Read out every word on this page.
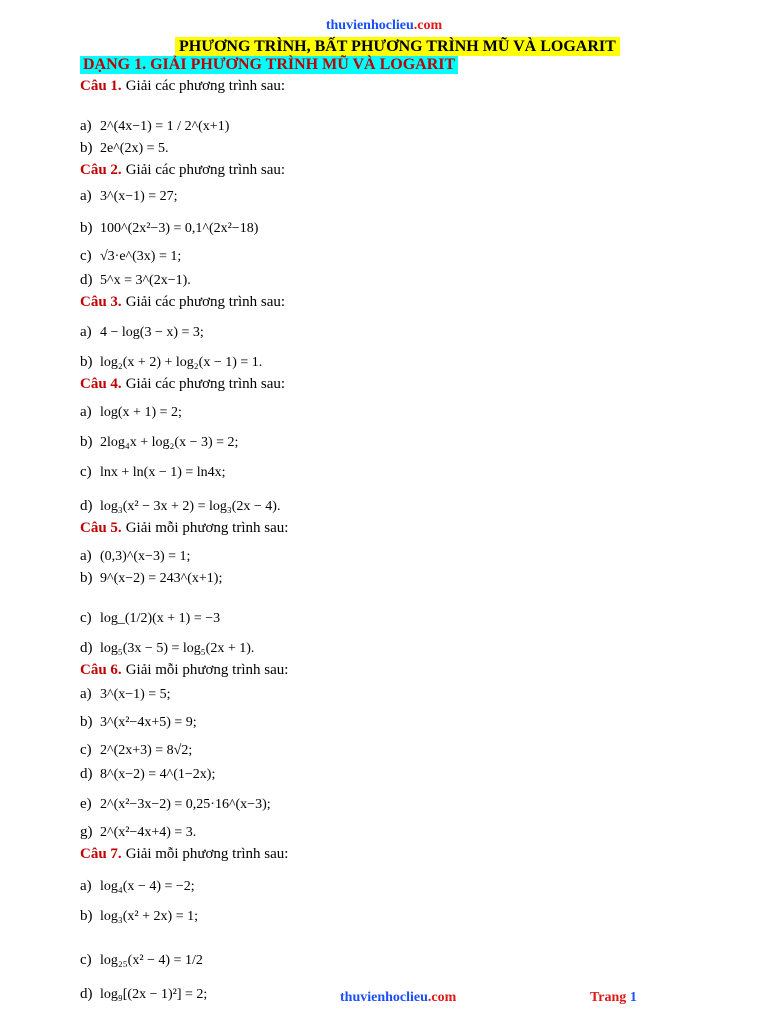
thuvienhoclieu.com
PHƯƠNG TRÌNH, BẤT PHƯƠNG TRÌNH MŨ VÀ LOGARIT
DẠNG 1. GIẢI PHƯƠNG TRÌNH MŨ VÀ LOGARIT
Câu 1. Giải các phương trình sau:
a) 2^(4x−1) = 1 / 2^(x+1)
b) 2e^(2x) = 5.
Câu 2. Giải các phương trình sau:
a) 3^(x−1) = 27;
b) 100^(2x²−3) = 0,1^(2x²−18)
c) √3·e^(3x) = 1;
d) 5^x = 3^(2x−1).
Câu 3. Giải các phương trình sau:
a) 4 − log(3 − x) = 3;
b) log₂(x + 2) + log₂(x − 1) = 1.
Câu 4. Giải các phương trình sau:
a) log(x + 1) = 2;
b) 2log₄x + log₂(x − 3) = 2;
c) lnx + ln(x − 1) = ln4x;
d) log₃(x² − 3x + 2) = log₃(2x − 4).
Câu 5. Giải mỗi phương trình sau:
a) (0,3)^(x−3) = 1;
b) 9^(x−2) = 243^(x+1);
c) log_(1/2)(x + 1) = −3
d) log₅(3x − 5) = log₅(2x + 1).
Câu 6. Giải mỗi phương trình sau:
a) 3^(x−1) = 5;
b) 3^(x²−4x+5) = 9;
c) 2^(2x+3) = 8√2;
d) 8^(x−2) = 4^(1−2x);
e) 2^(x²−3x−2) = 0,25·16^(x−3);
g) 2^(x²−4x+4) = 3.
Câu 7. Giải mỗi phương trình sau:
a) log₄(x − 4) = −2;
b) log₃(x² + 2x) = 1;
c) log₂₅(x² − 4) = 1/2
d) log₉[(2x − 1)²] = 2;	thuvienhoclieu.com	Trang 1
